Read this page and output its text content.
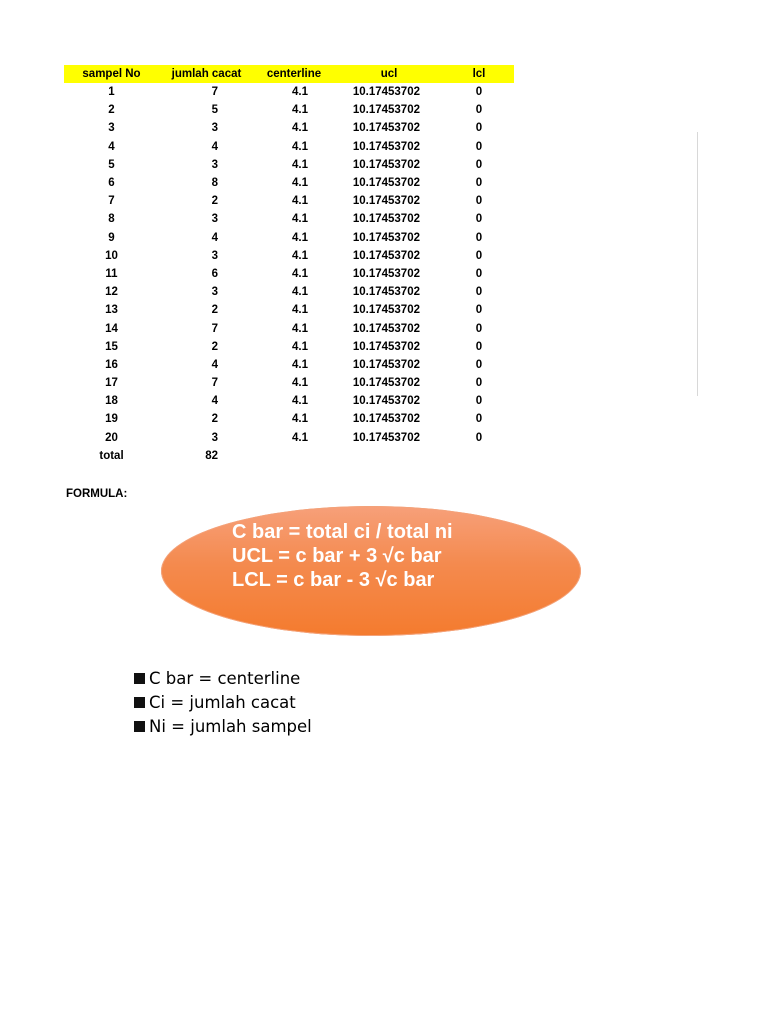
sampel No	jumlah cacat	centerline	ucl	lcl
1	7	4.1	10.17453702	0
2	5	4.1	10.17453702	0
3	3	4.1	10.17453702	0
4	4	4.1	10.17453702	0
5	3	4.1	10.17453702	0
6	8	4.1	10.17453702	0
7	2	4.1	10.17453702	0
8	3	4.1	10.17453702	0
9	4	4.1	10.17453702	0
10	3	4.1	10.17453702	0
11	6	4.1	10.17453702	0
12	3	4.1	10.17453702	0
13	2	4.1	10.17453702	0
14	7	4.1	10.17453702	0
15	2	4.1	10.17453702	0
16	4	4.1	10.17453702	0
17	7	4.1	10.17453702	0
18	4	4.1	10.17453702	0
19	2	4.1	10.17453702	0
20	3	4.1	10.17453702	0
total	82			
FORMULA:
C bar = total ci / total ni
UCL = c bar + 3 √c bar
LCL = c bar - 3 √c bar
C bar = centerline
Ci = jumlah cacat
Ni = jumlah sampel
